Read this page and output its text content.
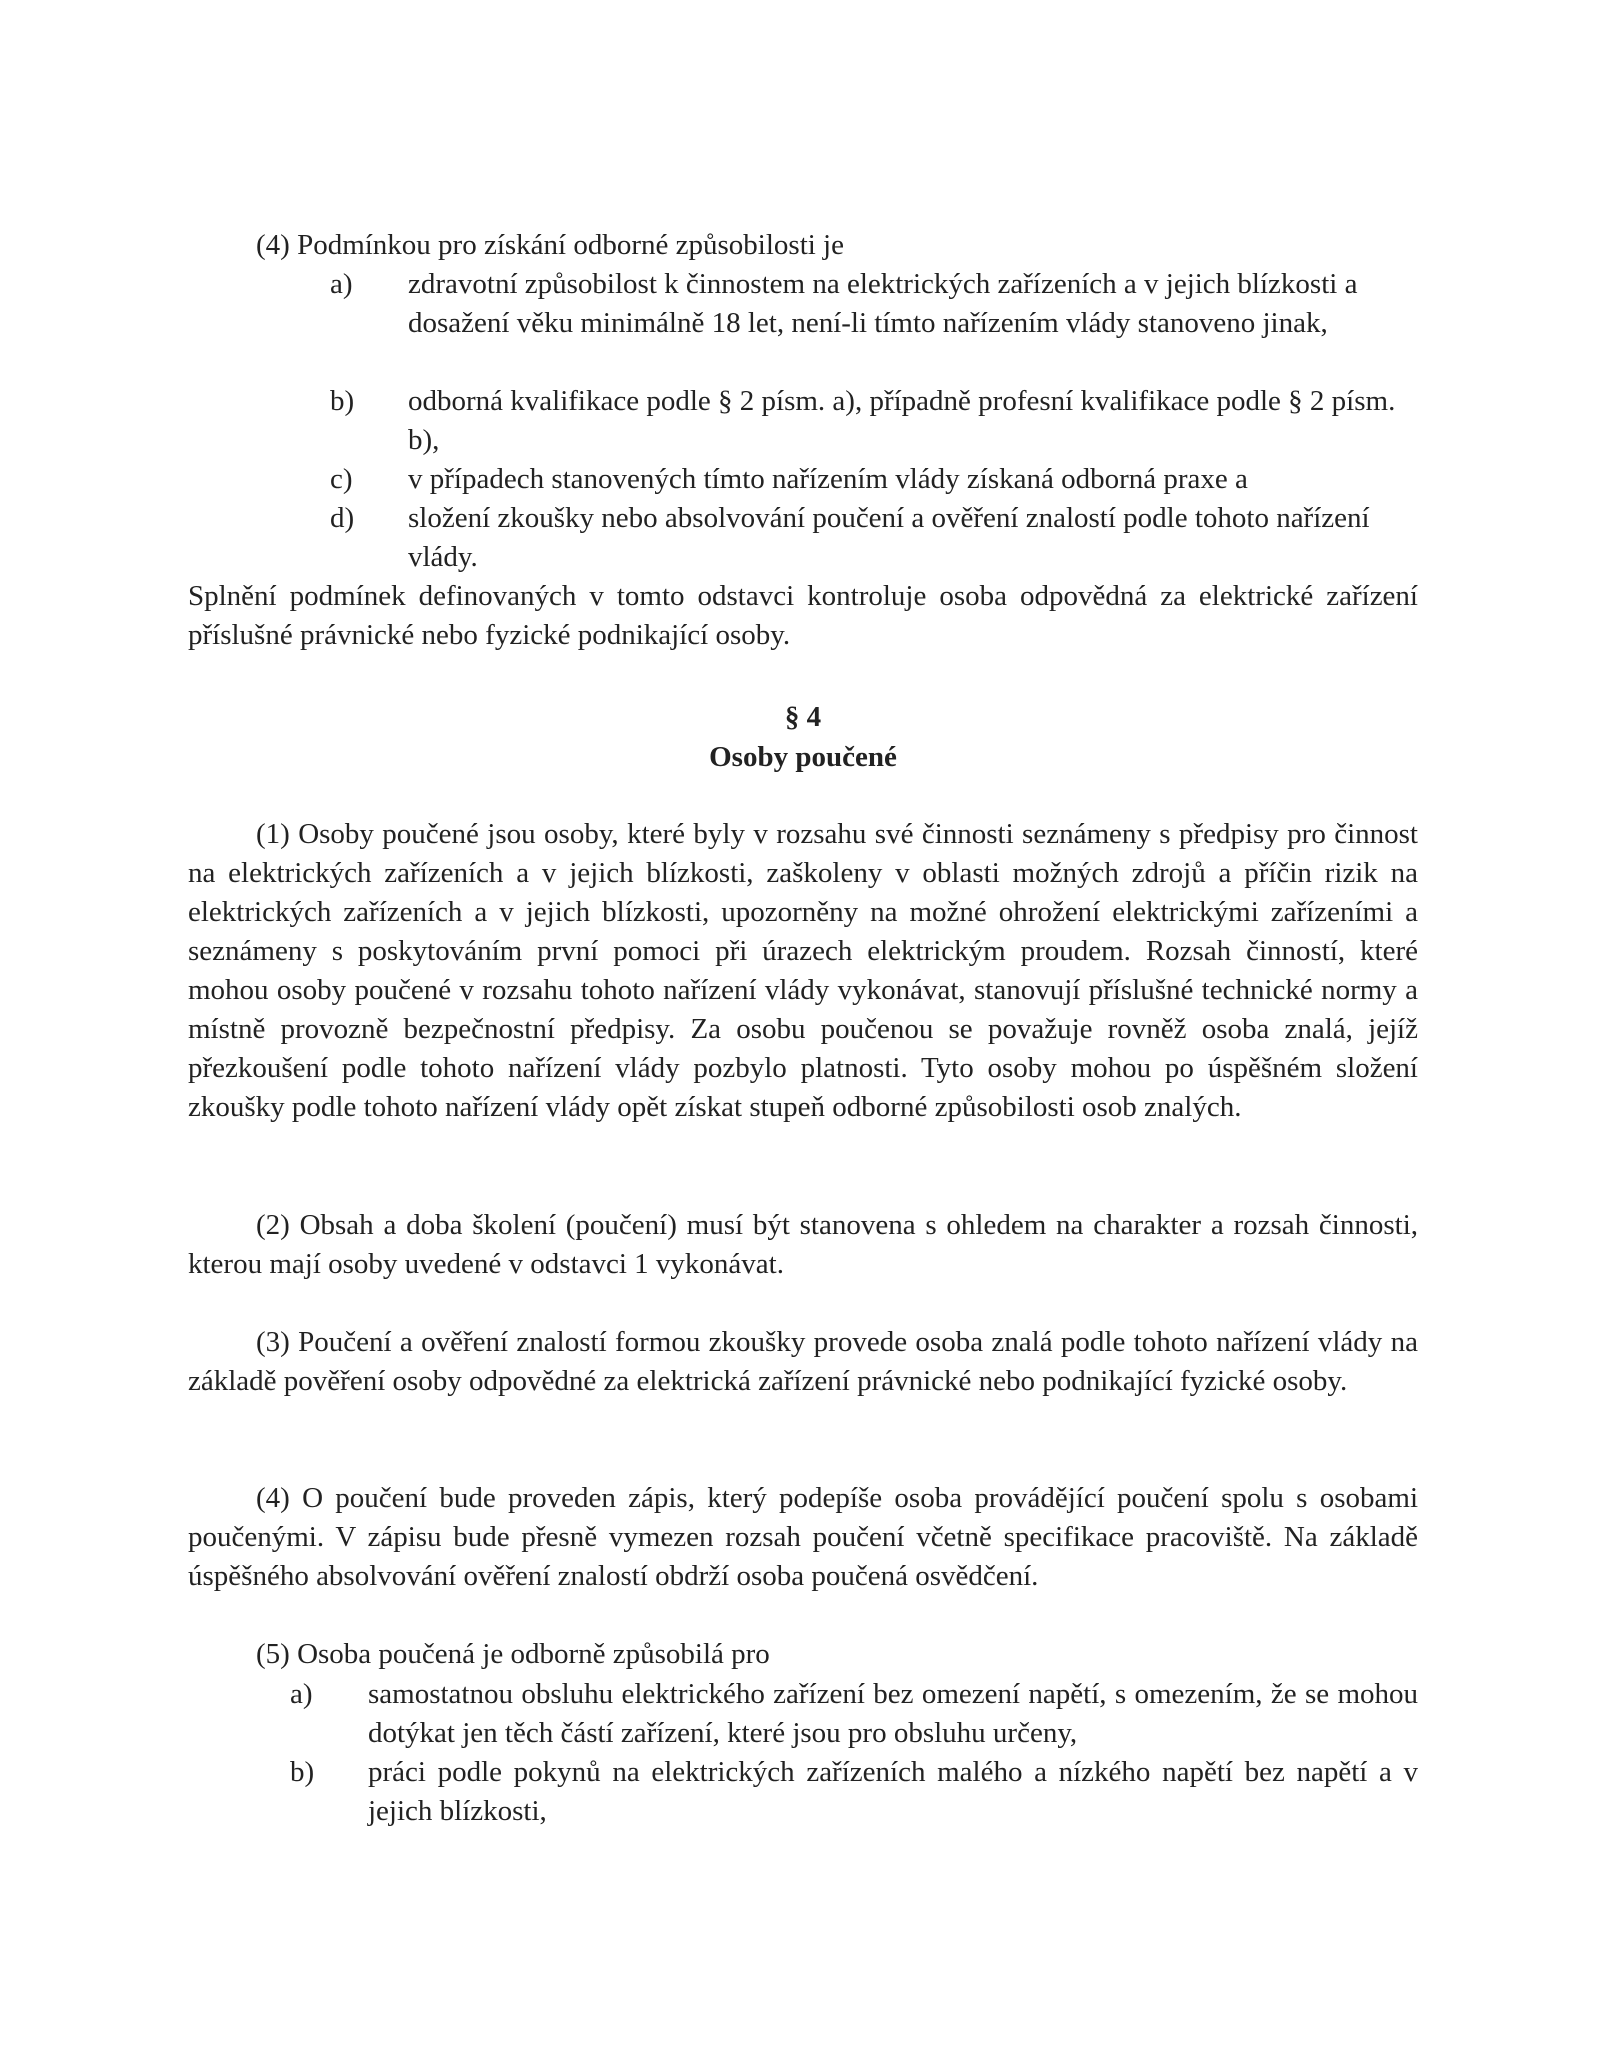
(4) Podmínkou pro získání odborné způsobilosti je
a) zdravotní způsobilost k činnostem na elektrických zařízeních a v jejich blízkosti a dosažení věku minimálně 18 let, není-li tímto nařízením vlády stanoveno jinak,
b) odborná kvalifikace podle § 2 písm. a), případně profesní kvalifikace podle § 2 písm. b),
c) v případech stanovených tímto nařízením vlády získaná odborná praxe a
d) složení zkoušky nebo absolvování poučení a ověření znalostí podle tohoto nařízení vlády.
Splnění podmínek definovaných v tomto odstavci kontroluje osoba odpovědná za elektrické zařízení příslušné právnické nebo fyzické podnikající osoby.
§ 4
Osoby poučené
(1) Osoby poučené jsou osoby, které byly v rozsahu své činnosti seznámeny s předpisy pro činnost na elektrických zařízeních a v jejich blízkosti, zaškoleny v oblasti možných zdrojů a příčin rizik na elektrických zařízeních a v jejich blízkosti, upozorněny na možné ohrožení elektrickými zařízeními a seznámeny s poskytováním první pomoci při úrazech elektrickým proudem. Rozsah činností, které mohou osoby poučené v rozsahu tohoto nařízení vlády vykonávat, stanovují příslušné technické normy a místně provozně bezpečnostní předpisy. Za osobu poučenou se považuje rovněž osoba znalá, jejíž přezkoušení podle tohoto nařízení vlády pozbylo platnosti. Tyto osoby mohou po úspěšném složení zkoušky podle tohoto nařízení vlády opět získat stupeň odborné způsobilosti osob znalých.
(2) Obsah a doba školení (poučení) musí být stanovena s ohledem na charakter a rozsah činnosti, kterou mají osoby uvedené v odstavci 1 vykonávat.
(3) Poučení a ověření znalostí formou zkoušky provede osoba znalá podle tohoto nařízení vlády na základě pověření osoby odpovědné za elektrická zařízení právnické nebo podnikající fyzické osoby.
(4) O poučení bude proveden zápis, který podepíše osoba provádějící poučení spolu s osobami poučenými. V zápisu bude přesně vymezen rozsah poučení včetně specifikace pracoviště. Na základě úspěšného absolvování ověření znalostí obdrží osoba poučená osvědčení.
(5) Osoba poučená je odborně způsobilá pro
a) samostatnou obsluhu elektrického zařízení bez omezení napětí, s omezením, že se mohou dotýkat jen těch částí zařízení, které jsou pro obsluhu určeny,
b) práci podle pokynů na elektrických zařízeních malého a nízkého napětí bez napětí a v jejich blízkosti,
